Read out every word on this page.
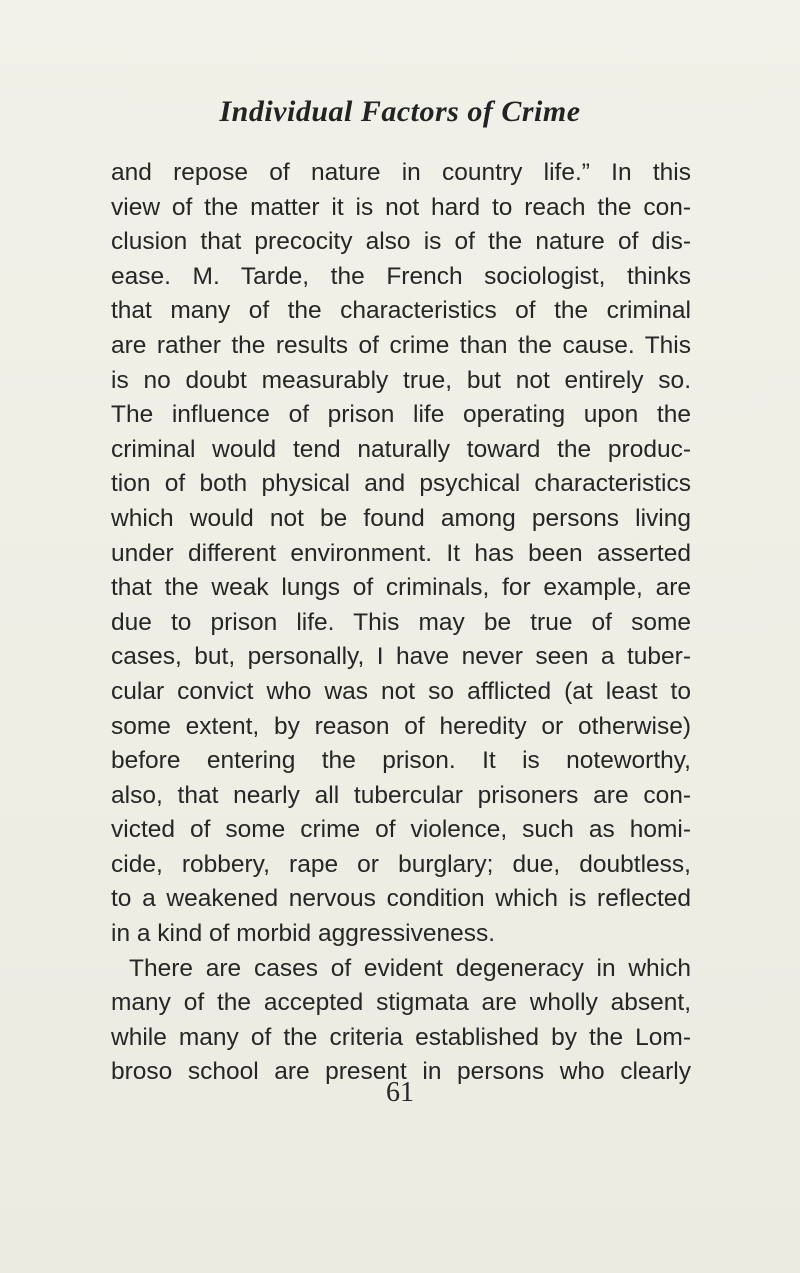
Individual Factors of Crime
and repose of nature in country life.” In this
view of the matter it is not hard to reach the con-
clusion that precocity also is of the nature of dis-
ease. M. Tarde, the French sociologist, thinks
that many of the characteristics of the criminal
are rather the results of crime than the cause. This
is no doubt measurably true, but not entirely so.
The influence of prison life operating upon the
criminal would tend naturally toward the produc-
tion of both physical and psychical characteristics
which would not be found among persons living
under different environment. It has been asserted
that the weak lungs of criminals, for example, are
due to prison life. This may be true of some
cases, but, personally, I have never seen a tuber-
cular convict who was not so afflicted (at least to
some extent, by reason of heredity or otherwise)
before entering the prison. It is noteworthy,
also, that nearly all tubercular prisoners are con-
victed of some crime of violence, such as homi-
cide, robbery, rape or burglary; due, doubtless,
to a weakened nervous condition which is reflected
in a kind of morbid aggressiveness.
There are cases of evident degeneracy in which
many of the accepted stigmata are wholly absent,
while many of the criteria established by the Lom-
broso school are present in persons who clearly
61
